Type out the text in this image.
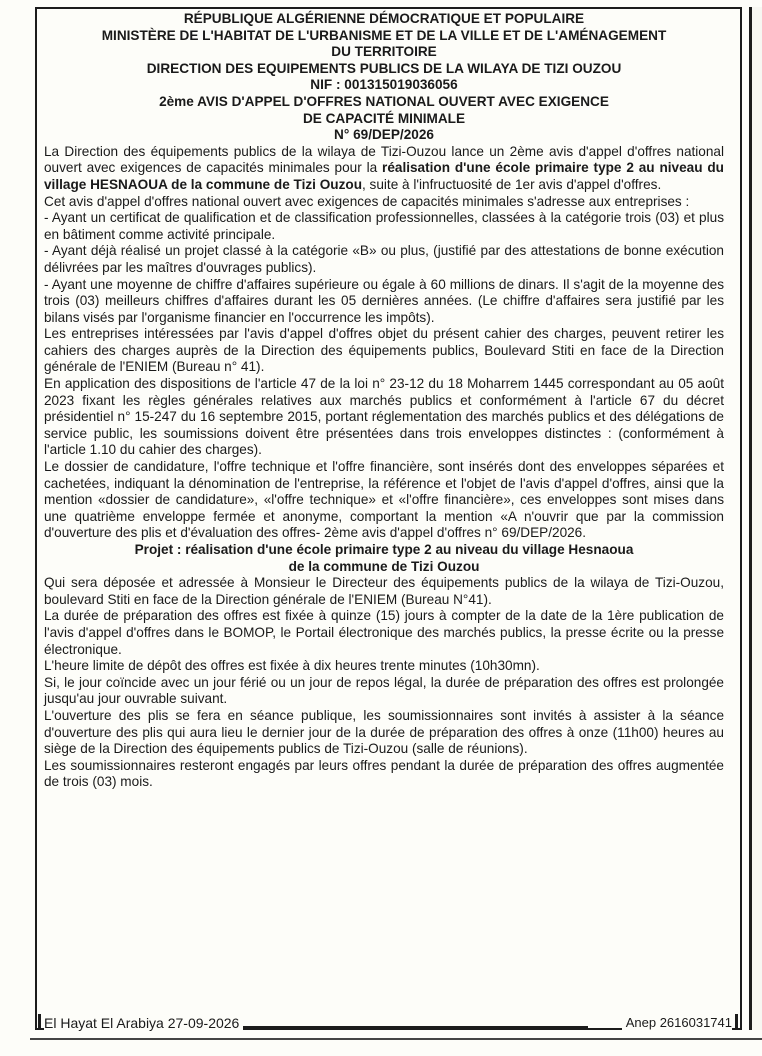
RÉPUBLIQUE ALGÉRIENNE DÉMOCRATIQUE ET POPULAIRE
MINISTÈRE DE L'HABITAT DE L'URBANISME ET DE LA VILLE ET DE L'AMÉNAGEMENT
DU TERRITOIRE
DIRECTION DES EQUIPEMENTS PUBLICS DE LA WILAYA DE TIZI OUZOU
NIF : 001315019036056
2ème AVIS D'APPEL D'OFFRES NATIONAL OUVERT AVEC EXIGENCE
DE CAPACITÉ MINIMALE
N° 69/DEP/2026
La Direction des équipements publics de la wilaya de Tizi-Ouzou lance un 2ème avis d'appel d'offres national ouvert avec exigences de capacités minimales pour la réalisation d'une école primaire type 2 au niveau du village HESNAOUA de la commune de Tizi Ouzou, suite à l'infructuosité de 1er avis d'appel d'offres.
Cet avis d'appel d'offres national ouvert avec exigences de capacités minimales s'adresse aux entreprises :
- Ayant un certificat de qualification et de classification professionnelles, classées à la catégorie trois (03) et plus en bâtiment comme activité principale.
- Ayant déjà réalisé un projet classé à la catégorie «B» ou plus, (justifié par des attestations de bonne exécution délivrées par les maîtres d'ouvrages publics).
- Ayant une moyenne de chiffre d'affaires supérieure ou égale à 60 millions de dinars. Il s'agit de la moyenne des trois (03) meilleurs chiffres d'affaires durant les 05 dernières années. (Le chiffre d'affaires sera justifié par les bilans visés par l'organisme financier en l'occurrence les impôts).
Les entreprises intéressées par l'avis d'appel d'offres objet du présent cahier des charges, peuvent retirer les cahiers des charges auprès de la Direction des équipements publics, Boulevard Stiti en face de la Direction générale de l'ENIEM (Bureau n° 41).
En application des dispositions de l'article 47 de la loi n° 23-12 du 18 Moharrem 1445 correspondant au 05 août 2023 fixant les règles générales relatives aux marchés publics et conformément à l'article 67 du décret présidentiel n° 15-247 du 16 septembre 2015, portant réglementation des marchés publics et des délégations de service public, les soumissions doivent être présentées dans trois enveloppes distinctes : (conformément à l'article 1.10 du cahier des charges).
Le dossier de candidature, l'offre technique et l'offre financière, sont insérés dont des enveloppes séparées et cachetées, indiquant la dénomination de l'entreprise, la référence et l'objet de l'avis d'appel d'offres, ainsi que la mention «dossier de candidature», «l'offre technique» et «l'offre financière», ces enveloppes sont mises dans une quatrième enveloppe fermée et anonyme, comportant la mention «A n'ouvrir que par la commission d'ouverture des plis et d'évaluation des offres- 2ème avis d'appel d'offres n° 69/DEP/2026.
Projet : réalisation d'une école primaire type 2 au niveau du village Hesnaoua
de la commune de Tizi Ouzou
Qui sera déposée et adressée à Monsieur le Directeur des équipements publics de la wilaya de Tizi-Ouzou, boulevard Stiti en face de la Direction générale de l'ENIEM (Bureau N°41).
La durée de préparation des offres est fixée à quinze (15) jours à compter de la date de la 1ère publication de l'avis d'appel d'offres dans le BOMOP, le Portail électronique des marchés publics, la presse écrite ou la presse électronique.
L'heure limite de dépôt des offres est fixée à dix heures trente minutes (10h30mn).
Si, le jour coïncide avec un jour férié ou un jour de repos légal, la durée de préparation des offres est prolongée jusqu'au jour ouvrable suivant.
L'ouverture des plis se fera en séance publique, les soumissionnaires sont invités à assister à la séance d'ouverture des plis qui aura lieu le dernier jour de la durée de préparation des offres à onze (11h00) heures au siège de la Direction des équipements publics de Tizi-Ouzou (salle de réunions).
Les soumissionnaires resteront engagés par leurs offres pendant la durée de préparation des offres augmentée de trois (03) mois.
El Hayat El Arabiya 27-09-2026	Anep 2616031741
